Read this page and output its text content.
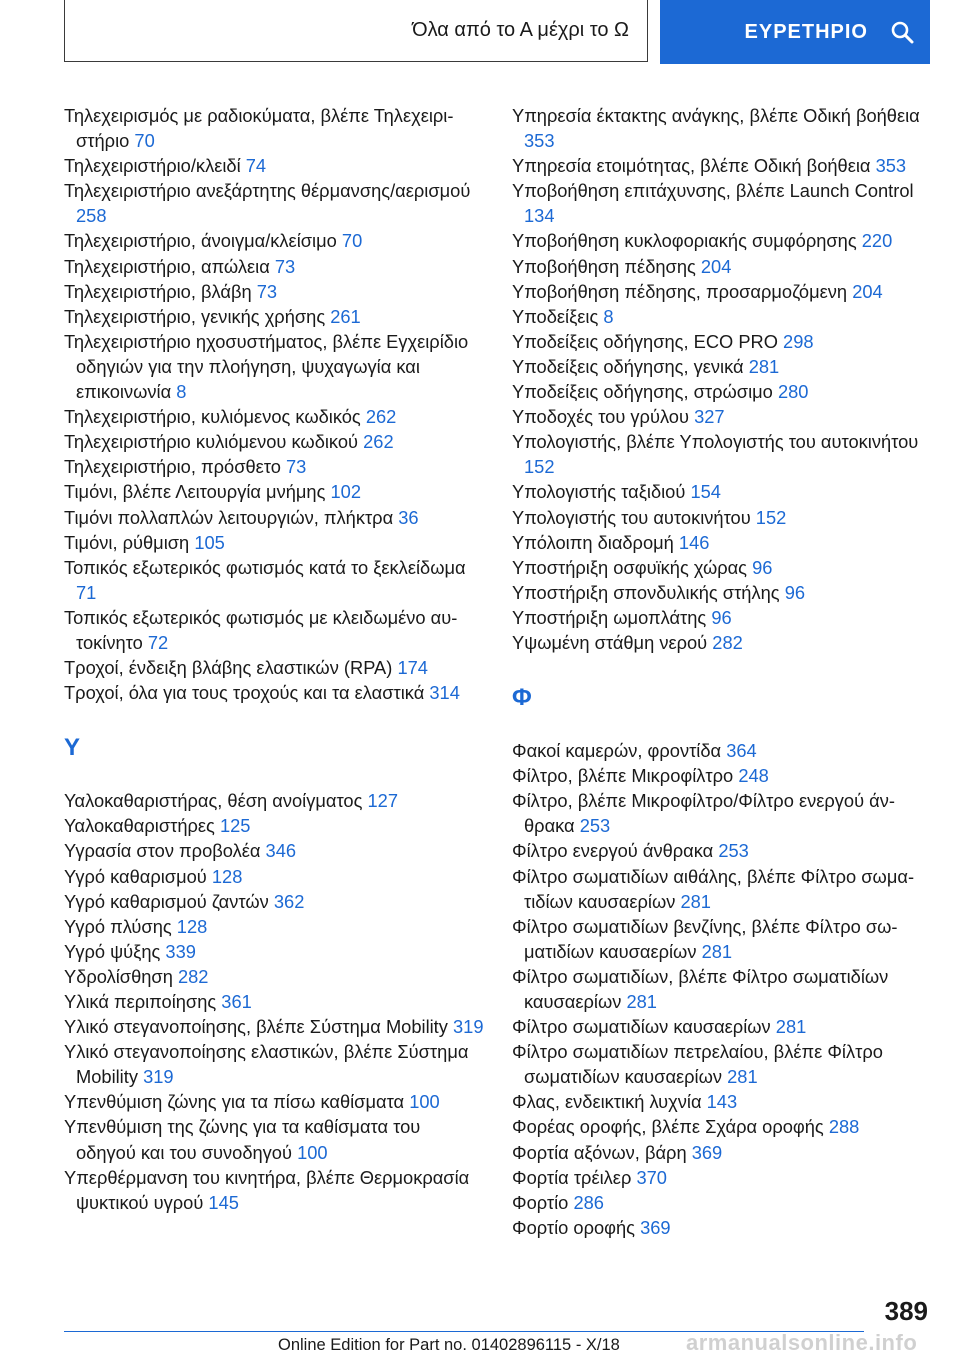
Όλα από το Α μέχρι το Ω	ΕΥΡΕΤΗΡΙΟ

Τηλεχειρισμός με ραδιοκύματα, βλέπε Τηλεχειριστήριο 70

Τηλεχειριστήριο/κλειδί 74

Τηλεχειριστήριο ανεξάρτητης θέρμανσης/αερισμού 258

Τηλεχειριστήριο, άνοιγμα/κλείσιμο 70

Τηλεχειριστήριο, απώλεια 73

Τηλεχειριστήριο, βλάβη 73

Τηλεχειριστήριο, γενικής χρήσης 261

Τηλεχειριστήριο ηχοσυστήματος, βλέπε Εγχειρίδιο οδηγιών για την πλοήγηση, ψυχαγωγία και επικοινωνία 8

Τηλεχειριστήριο, κυλιόμενος κωδικός 262

Τηλεχειριστήριο κυλιόμενου κωδικού 262

Τηλεχειριστήριο, πρόσθετο 73

Τιμόνι, βλέπε Λειτουργία μνήμης 102

Τιμόνι πολλαπλών λειτουργιών, πλήκτρα 36

Τιμόνι, ρύθμιση 105

Τοπικός εξωτερικός φωτισμός κατά το ξεκλείδωμα 71

Τοπικός εξωτερικός φωτισμός με κλειδωμένο αυτοκίνητο 72

Τροχοί, ένδειξη βλάβης ελαστικών (RPA) 174

Τροχοί, όλα για τους τροχούς και τα ελαστικά 314

Υ

Υαλοκαθαριστήρας, θέση ανοίγματος 127

Υαλοκαθαριστήρες 125

Υγρασία στον προβολέα 346

Υγρό καθαρισμού 128

Υγρό καθαρισμού ζαντών 362

Υγρό πλύσης 128

Υγρό ψύξης 339

Υδρολίσθηση 282

Υλικά περιποίησης 361

Υλικό στεγανοποίησης, βλέπε Σύστημα Mobility 319

Υλικό στεγανοποίησης ελαστικών, βλέπε Σύστημα Mobility 319

Υπενθύμιση ζώνης για τα πίσω καθίσματα 100

Υπενθύμιση της ζώνης για τα καθίσματα του οδηγού και του συνοδηγού 100

Υπερθέρμανση του κινητήρα, βλέπε Θερμοκρασία ψυκτικού υγρού 145

Υπηρεσία έκτακτης ανάγκης, βλέπε Οδική βοήθεια 353

Υπηρεσία ετοιμότητας, βλέπε Οδική βοήθεια 353

Υποβοήθηση επιτάχυνσης, βλέπε Launch Control 134

Υποβοήθηση κυκλοφοριακής συμφόρησης 220

Υποβοήθηση πέδησης 204

Υποβοήθηση πέδησης, προσαρμοζόμενη 204

Υποδείξεις 8

Υποδείξεις οδήγησης, ECO PRO 298

Υποδείξεις οδήγησης, γενικά 281

Υποδείξεις οδήγησης, στρώσιμο 280

Υποδοχές του γρύλου 327

Υπολογιστής, βλέπε Υπολογιστής του αυτοκινήτου 152

Υπολογιστής ταξιδιού 154

Υπολογιστής του αυτοκινήτου 152

Υπόλοιπη διαδρομή 146

Υποστήριξη οσφυϊκής χώρας 96

Υποστήριξη σπονδυλικής στήλης 96

Υποστήριξη ωμοπλάτης 96

Υψωμένη στάθμη νερού 282

Φ

Φακοί καμερών, φροντίδα 364

Φίλτρο, βλέπε Μικροφίλτρο 248

Φίλτρο, βλέπε Μικροφίλτρο/Φίλτρο ενεργού άνθρακα 253

Φίλτρο ενεργού άνθρακα 253

Φίλτρο σωματιδίων αιθάλης, βλέπε Φίλτρο σωματιδίων καυσαερίων 281

Φίλτρο σωματιδίων βενζίνης, βλέπε Φίλτρο σωματιδίων καυσαερίων 281

Φίλτρο σωματιδίων, βλέπε Φίλτρο σωματιδίων καυσαερίων 281

Φίλτρο σωματιδίων καυσαερίων 281

Φίλτρο σωματιδίων πετρελαίου, βλέπε Φίλτρο σωματιδίων καυσαερίων 281

Φλας, ενδεικτική λυχνία 143

Φορέας οροφής, βλέπε Σχάρα οροφής 288

Φορτία αξόνων, βάρη 369

Φορτία τρέιλερ 370

Φορτίο 286

Φορτίο οροφής 369

389
Online Edition for Part no. 01402896115 - X/18	armanualsonline.info
